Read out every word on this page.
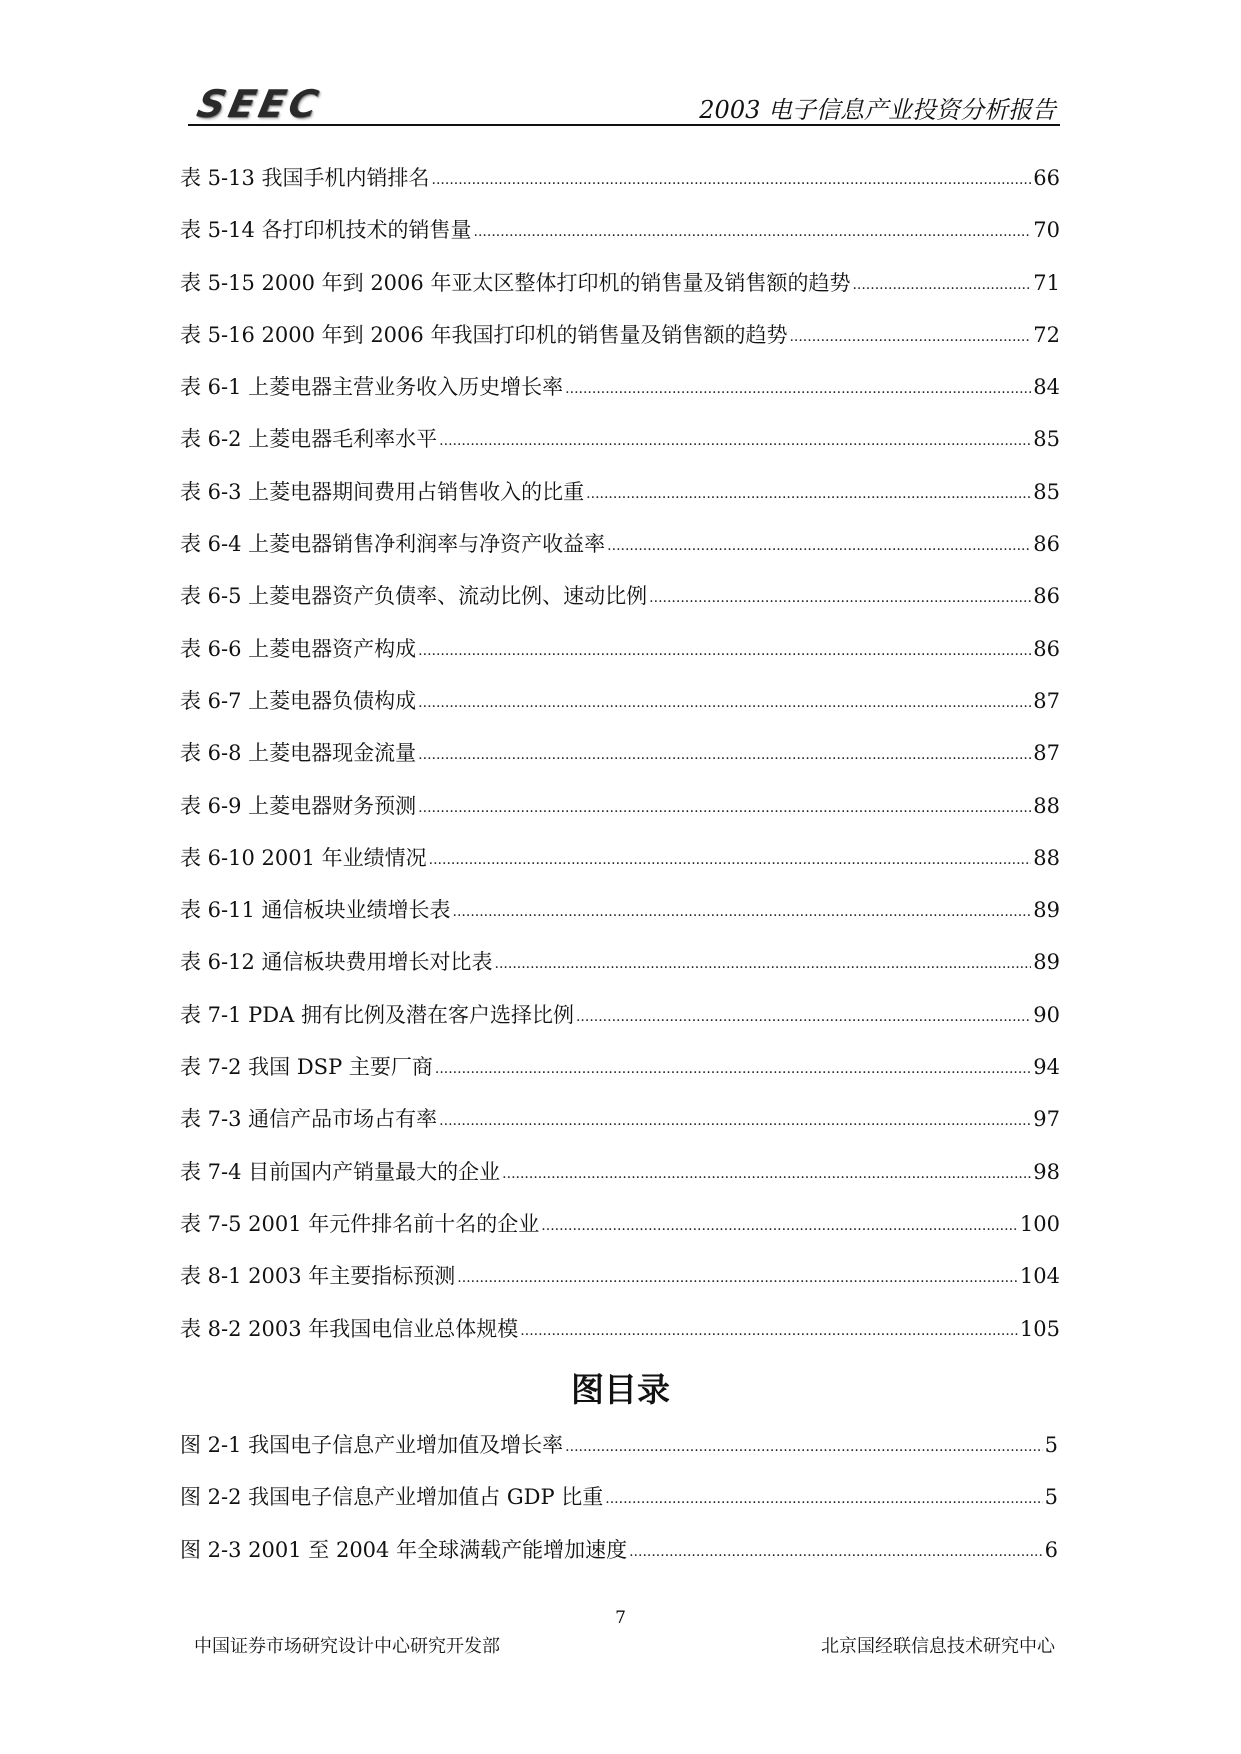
SEEC	2003 电子信息产业投资分析报告
表 5-13 我国手机内销排名 .....	66
表 5-14 各打印机技术的销售量 .....	70
表 5-15 2000 年到 2006 年亚太区整体打印机的销售量及销售额的趋势 .....	71
表 5-16 2000 年到 2006 年我国打印机的销售量及销售额的趋势 .....	72
表 6-1 上菱电器主营业务收入历史增长率 .....	84
表 6-2 上菱电器毛利率水平 .....	85
表 6-3 上菱电器期间费用占销售收入的比重 .....	85
表 6-4 上菱电器销售净利润率与净资产收益率 .....	86
表 6-5 上菱电器资产负债率、流动比例、速动比例 .....	86
表 6-6 上菱电器资产构成 .....	86
表 6-7 上菱电器负债构成 .....	87
表 6-8 上菱电器现金流量 .....	87
表 6-9 上菱电器财务预测 .....	88
表 6-10 2001 年业绩情况 .....	88
表 6-11 通信板块业绩增长表 .....	89
表 6-12 通信板块费用增长对比表 .....	89
表 7-1 PDA 拥有比例及潜在客户选择比例 .....	90
表 7-2 我国 DSP 主要厂商 .....	94
表 7-3 通信产品市场占有率 .....	97
表 7-4 目前国内产销量最大的企业 .....	98
表 7-5 2001 年元件排名前十名的企业 .....	100
表 8-1 2003 年主要指标预测 .....	104
表 8-2 2003 年我国电信业总体规模 .....	105
图目录
图 2-1 我国电子信息产业增加值及增长率 .....	5
图 2-2 我国电子信息产业增加值占 GDP 比重 .....	5
图 2-3 2001 至 2004 年全球满载产能增加速度 .....	6
7
中国证券市场研究设计中心研究开发部	北京国经联信息技术研究中心
